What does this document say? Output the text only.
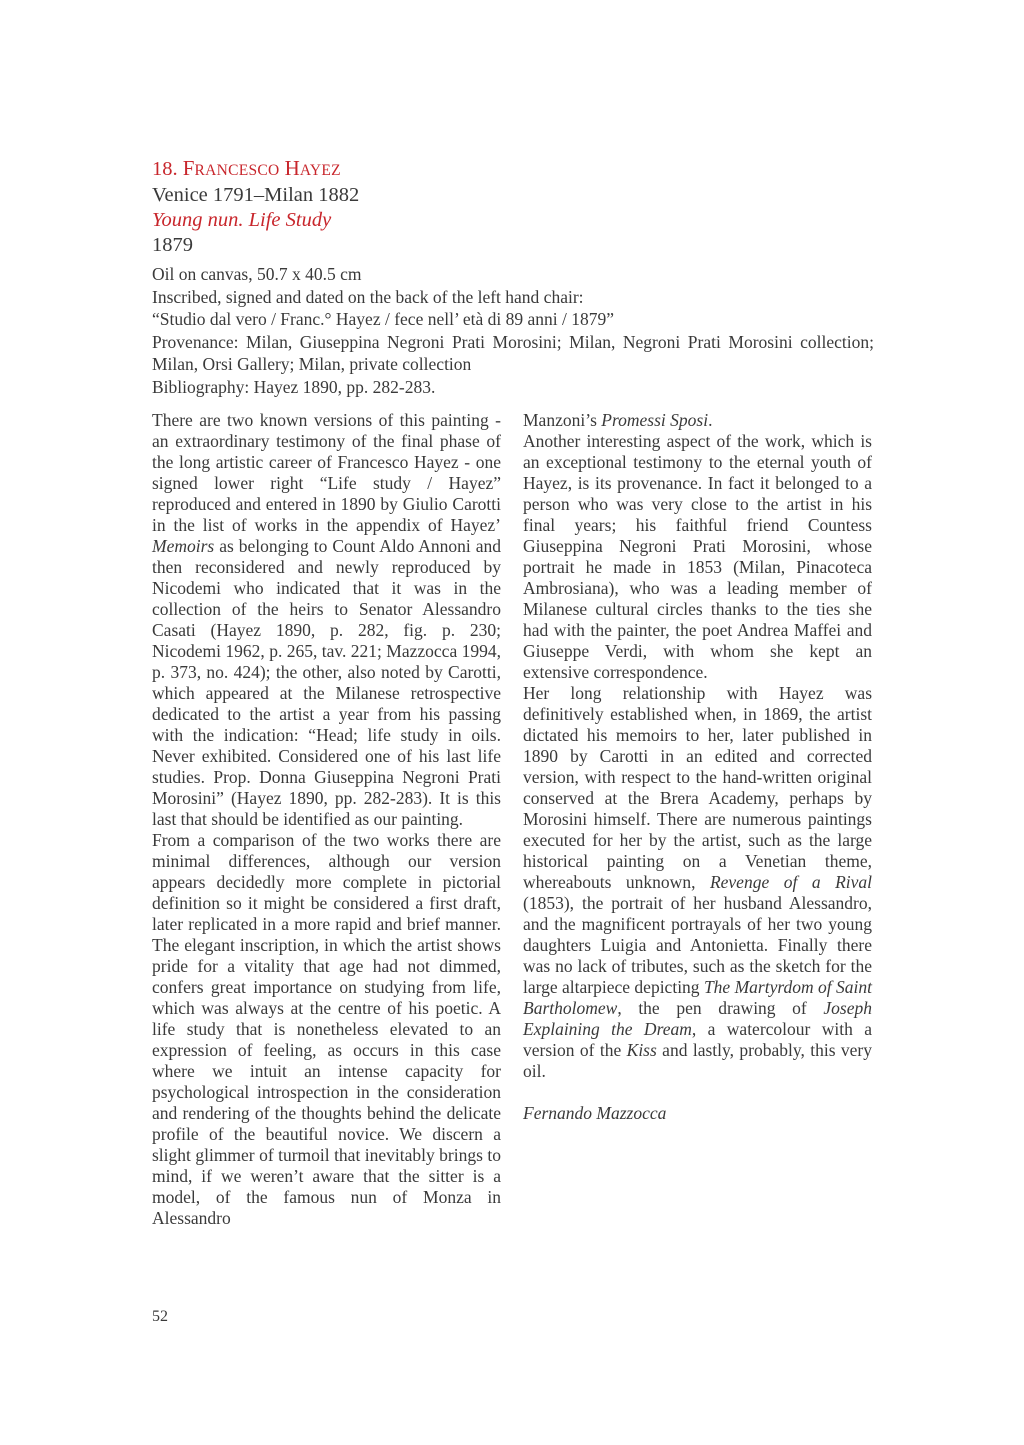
18. FRANCESCO HAYEZ
Venice 1791–Milan 1882
Young nun. Life Study
1879
Oil on canvas, 50.7 x 40.5 cm
Inscribed, signed and dated on the back of the left hand chair:
“Studio dal vero / Franc.° Hayez / fece nell’ età di 89 anni / 1879”
Provenance: Milan, Giuseppina Negroni Prati Morosini; Milan, Negroni Prati Morosini collection; Milan, Orsi Gallery; Milan, private collection
Bibliography: Hayez 1890, pp. 282-283.

There are two known versions of this painting - an extraordinary testimony of the final phase of the long artistic career of Francesco Hayez - one signed lower right “Life study / Hayez” reproduced and entered in 1890 by Giulio Carotti in the list of works in the appendix of Hayez’ Memoirs as belonging to Count Aldo Annoni and then reconsidered and newly reproduced by Nicodemi who indicated that it was in the collection of the heirs to Senator Alessandro Casati (Hayez 1890, p. 282, fig. p. 230; Nicodemi 1962, p. 265, tav. 221; Mazzocca 1994, p. 373, no. 424); the other, also noted by Carotti, which appeared at the Milanese retrospective dedicated to the artist a year from his passing with the indication: “Head; life study in oils. Never exhibited. Considered one of his last life studies. Prop. Donna Giuseppina Negroni Prati Morosini” (Hayez 1890, pp. 282-283). It is this last that should be identified as our painting.

From a comparison of the two works there are minimal differences, although our version appears decidedly more complete in pictorial definition so it might be considered a first draft, later replicated in a more rapid and brief manner. The elegant inscription, in which the artist shows pride for a vitality that age had not dimmed, confers great importance on studying from life, which was always at the centre of his poetic. A life study that is nonetheless elevated to an expression of feeling, as occurs in this case where we intuit an intense capacity for psychological introspection in the consideration and rendering of the thoughts behind the delicate profile of the beautiful novice. We discern a slight glimmer of turmoil that inevitably brings to mind, if we weren’t aware that the sitter is a model, of the famous nun of Monza in Alessandro

Manzoni’s Promessi Sposi.

Another interesting aspect of the work, which is an exceptional testimony to the eternal youth of Hayez, is its provenance. In fact it belonged to a person who was very close to the artist in his final years; his faithful friend Countess Giuseppina Negroni Prati Morosini, whose portrait he made in 1853 (Milan, Pinacoteca Ambrosiana), who was a leading member of Milanese cultural circles thanks to the ties she had with the painter, the poet Andrea Maffei and Giuseppe Verdi, with whom she kept an extensive correspondence.

Her long relationship with Hayez was definitively established when, in 1869, the artist dictated his memoirs to her, later published in 1890 by Carotti in an edited and corrected version, with respect to the hand-written original conserved at the Brera Academy, perhaps by Morosini himself. There are numerous paintings executed for her by the artist, such as the large historical painting on a Venetian theme, whereabouts unknown, Revenge of a Rival (1853), the portrait of her husband Alessandro, and the magnificent portrayals of her two young daughters Luigia and Antonietta. Finally there was no lack of tributes, such as the sketch for the large altarpiece depicting The Martyrdom of Saint Bartholomew, the pen drawing of Joseph Explaining the Dream, a watercolour with a version of the Kiss and lastly, probably, this very oil.

Fernando Mazzocca

52
